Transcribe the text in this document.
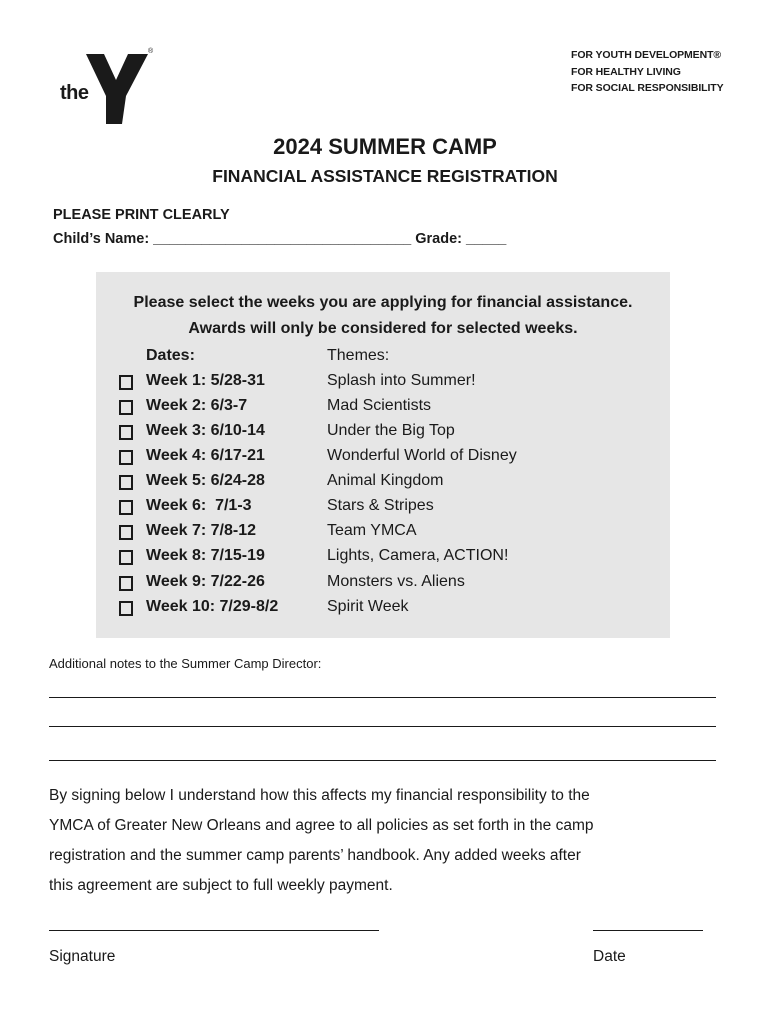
the
®	FOR YOUTH DEVELOPMENT®
FOR HEALTHY LIVING
FOR SOCIAL RESPONSIBILITY
2024 SUMMER CAMP
FINANCIAL ASSISTANCE REGISTRATION
PLEASE PRINT CLEARLY
Child’s Name: ________________________________ Grade: _____
Please select the weeks you are applying for financial assistance.
Awards will only be considered for selected weeks.
Dates:	Themes:
Week 1: 5/28-31	Splash into Summer!
Week 2: 6/3-7	Mad Scientists
Week 3: 6/10-14	Under the Big Top
Week 4: 6/17-21	Wonderful World of Disney
Week 5: 6/24-28	Animal Kingdom
Week 6:  7/1-3	Stars & Stripes
Week 7: 7/8-12	Team YMCA
Week 8: 7/15-19	Lights, Camera, ACTION!
Week 9: 7/22-26	Monsters vs. Aliens
Week 10: 7/29-8/2	Spirit Week
Additional notes to the Summer Camp Director:
By signing below I understand how this affects my financial responsibility to the
YMCA of Greater New Orleans and agree to all policies as set forth in the camp
registration and the summer camp parents’ handbook. Any added weeks after
this agreement are subject to full weekly payment.
Signature	Date
